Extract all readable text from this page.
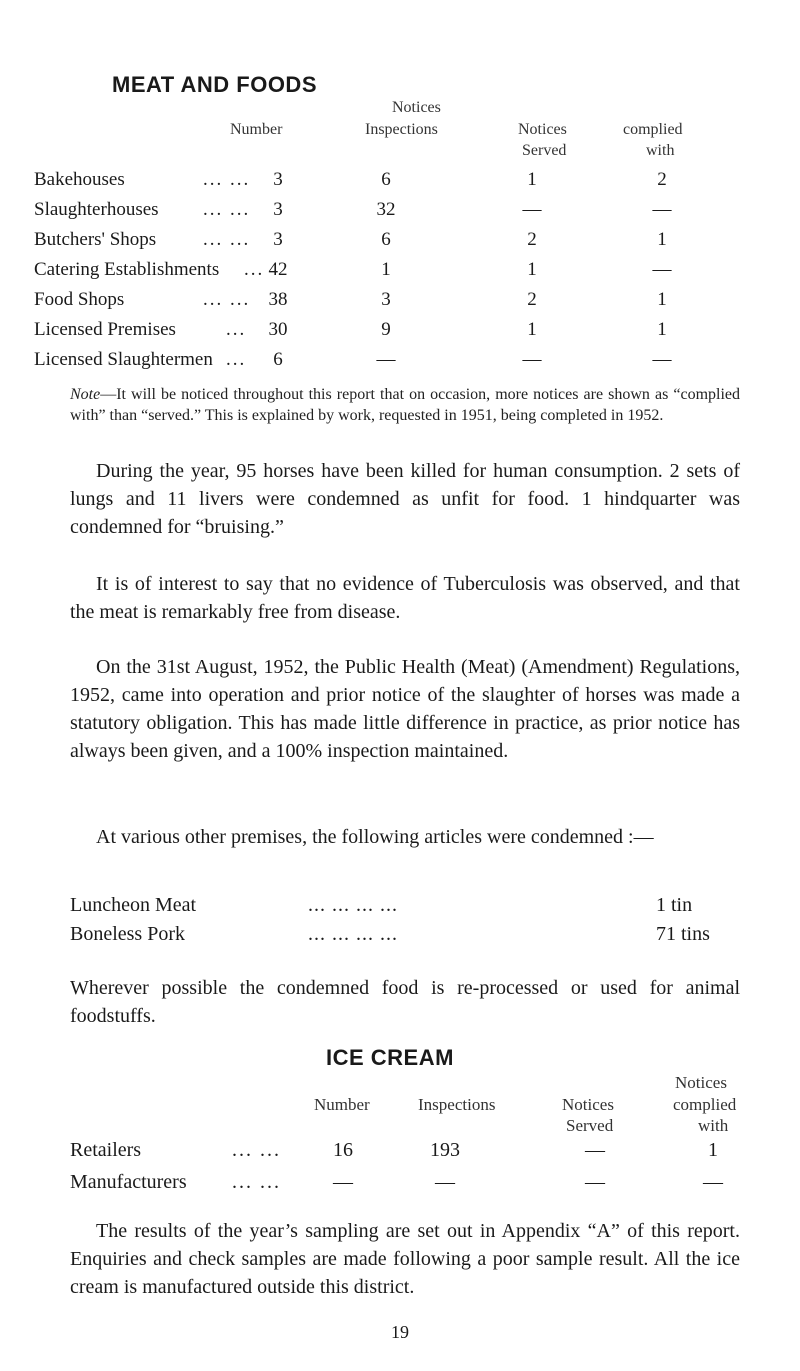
MEAT AND FOODS
Notices
Number	Inspections	Notices	complied
Served	with
Bakehouses	... ...	3	6	1	2
Slaughterhouses ... ...	3	32	—	—
Butchers' Shops ... ...	3	6	2	1
Catering Establishments ... 42	1	1	—
Food Shops	... ... 38	3	2	1
Licensed Premises	...	30	9	1	1
Licensed Slaughtermen ...	6	—	—	—
Note—It will be noticed throughout this report that on occasion, more notices are shown as “complied with” than “served.” This is explained by work, requested in 1951, being completed in 1952.
During the year, 95 horses have been killed for human consumption. 2 sets of lungs and 11 livers were condemned as unfit for food. 1 hindquarter was condemned for “bruising.”
It is of interest to say that no evidence of Tuberculosis was observed, and that the meat is remarkably free from disease.
On the 31st August, 1952, the Public Health (Meat) (Amendment) Regulations, 1952, came into operation and prior notice of the slaughter of horses was made a statutory obligation. This has made little difference in practice, as prior notice has always been given, and a 100% inspection maintained.
At various other premises, the following articles were condemned :—
Luncheon Meat	... ... ... ...	1 tin
Boneless Pork	... ... ... ...	71 tins
Wherever possible the condemned food is re-processed or used for animal foodstuffs.
ICE CREAM
Notices
Number	Inspections	Notices	complied
Served	with
Retailers	... ...	16	193	—	1
Manufacturers ... ...	—	—	—	—
The results of the year’s sampling are set out in Appendix “A” of this report. Enquiries and check samples are made following a poor sample result. All the ice cream is manufactured outside this district.
19
